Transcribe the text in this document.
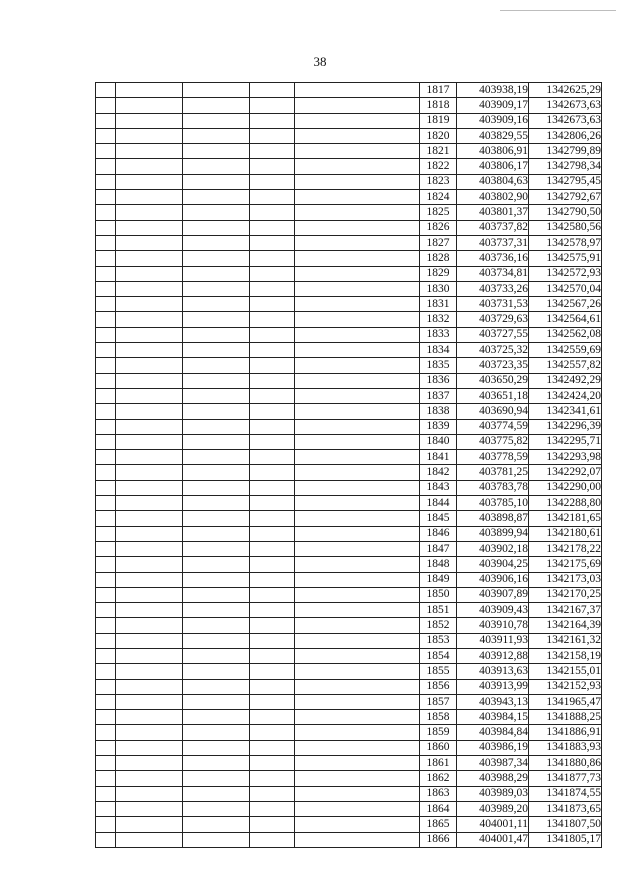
38
					1817	403938,19	1342625,29
					1818	403909,17	1342673,63
					1819	403909,16	1342673,63
					1820	403829,55	1342806,26
					1821	403806,91	1342799,89
					1822	403806,17	1342798,34
					1823	403804,63	1342795,45
					1824	403802,90	1342792,67
					1825	403801,37	1342790,50
					1826	403737,82	1342580,56
					1827	403737,31	1342578,97
					1828	403736,16	1342575,91
					1829	403734,81	1342572,93
					1830	403733,26	1342570,04
					1831	403731,53	1342567,26
					1832	403729,63	1342564,61
					1833	403727,55	1342562,08
					1834	403725,32	1342559,69
					1835	403723,35	1342557,82
					1836	403650,29	1342492,29
					1837	403651,18	1342424,20
					1838	403690,94	1342341,61
					1839	403774,59	1342296,39
					1840	403775,82	1342295,71
					1841	403778,59	1342293,98
					1842	403781,25	1342292,07
					1843	403783,78	1342290,00
					1844	403785,10	1342288,80
					1845	403898,87	1342181,65
					1846	403899,94	1342180,61
					1847	403902,18	1342178,22
					1848	403904,25	1342175,69
					1849	403906,16	1342173,03
					1850	403907,89	1342170,25
					1851	403909,43	1342167,37
					1852	403910,78	1342164,39
					1853	403911,93	1342161,32
					1854	403912,88	1342158,19
					1855	403913,63	1342155,01
					1856	403913,99	1342152,93
					1857	403943,13	1341965,47
					1858	403984,15	1341888,25
					1859	403984,84	1341886,91
					1860	403986,19	1341883,93
					1861	403987,34	1341880,86
					1862	403988,29	1341877,73
					1863	403989,03	1341874,55
					1864	403989,20	1341873,65
					1865	404001,11	1341807,50
					1866	404001,47	1341805,17
